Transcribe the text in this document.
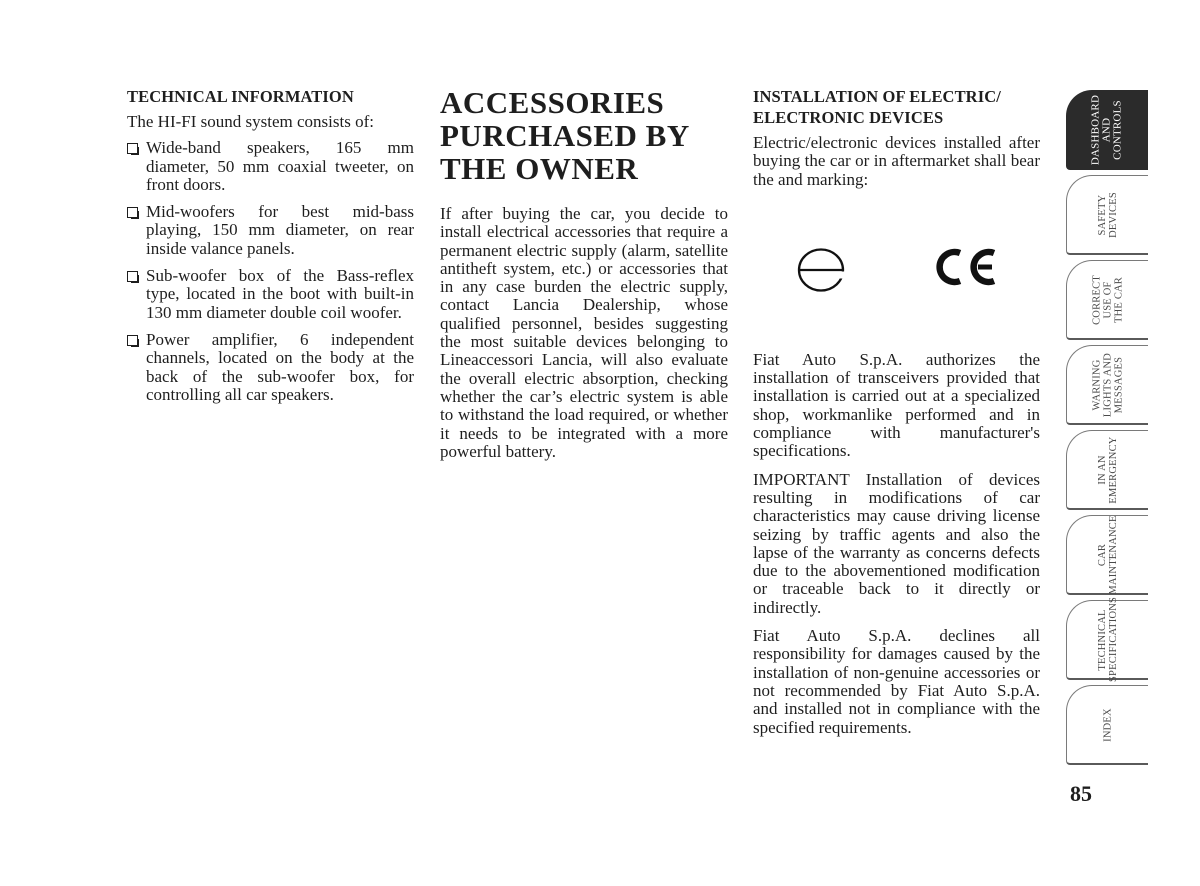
TECHNICAL INFORMATION

The HI-FI sound system consists of:

Wide-band speakers, 165 mm diameter, 50 mm coaxial tweeter, on front doors.
Mid-woofers for best mid-bass playing, 150 mm diameter, on rear inside valance panels.
Sub-woofer box of the Bass-reflex type, located in the boot with built-in 130 mm diameter double coil woofer.
Power amplifier, 6 independent channels, located on the body at the back of the sub-woofer box, for controlling all car speakers.
ACCESSORIES PURCHASED BY THE OWNER

If after buying the car, you decide to install electrical accessories that require a permanent electric supply (alarm, satellite antitheft system, etc.) or accessories that in any case burden the electric supply, contact Lancia Dealership, whose qualified personnel, besides suggesting the most suitable devices belonging to Lineaccessori Lancia, will also evaluate the overall electric absorption, checking whether the car’s electric system is able to withstand the load required, or whether it needs to be integrated with a more powerful battery.

INSTALLATION OF ELECTRIC/ ELECTRONIC DEVICES

Electric/electronic devices installed after buying the car or in aftermarket shall bear the and marking:

Fiat Auto S.p.A. authorizes the installation of transceivers provided that installation is carried out at a specialized shop, workmanlike performed and in compliance with manufacturer's specifications.

IMPORTANT Installation of devices resulting in modifications of car characteristics may cause driving license seizing by traffic agents and also the lapse of the warranty as concerns defects due to the abovementioned modification or traceable back to it directly or indirectly.

Fiat Auto S.p.A. declines all responsibility for damages caused by the installation of non-genuine accessories or not recommended by Fiat Auto S.p.A. and installed not in compliance with the specified requirements.

DASHBOARD
AND CONTROLS
SAFETY
DEVICES
CORRECT
USE OF
THE CAR
WARNING
LIGHTS AND
MESSAGES
IN AN
EMERGENCY
CAR
MAINTENANCE
TECHNICAL
SPECIFICATIONS
INDEX
85
